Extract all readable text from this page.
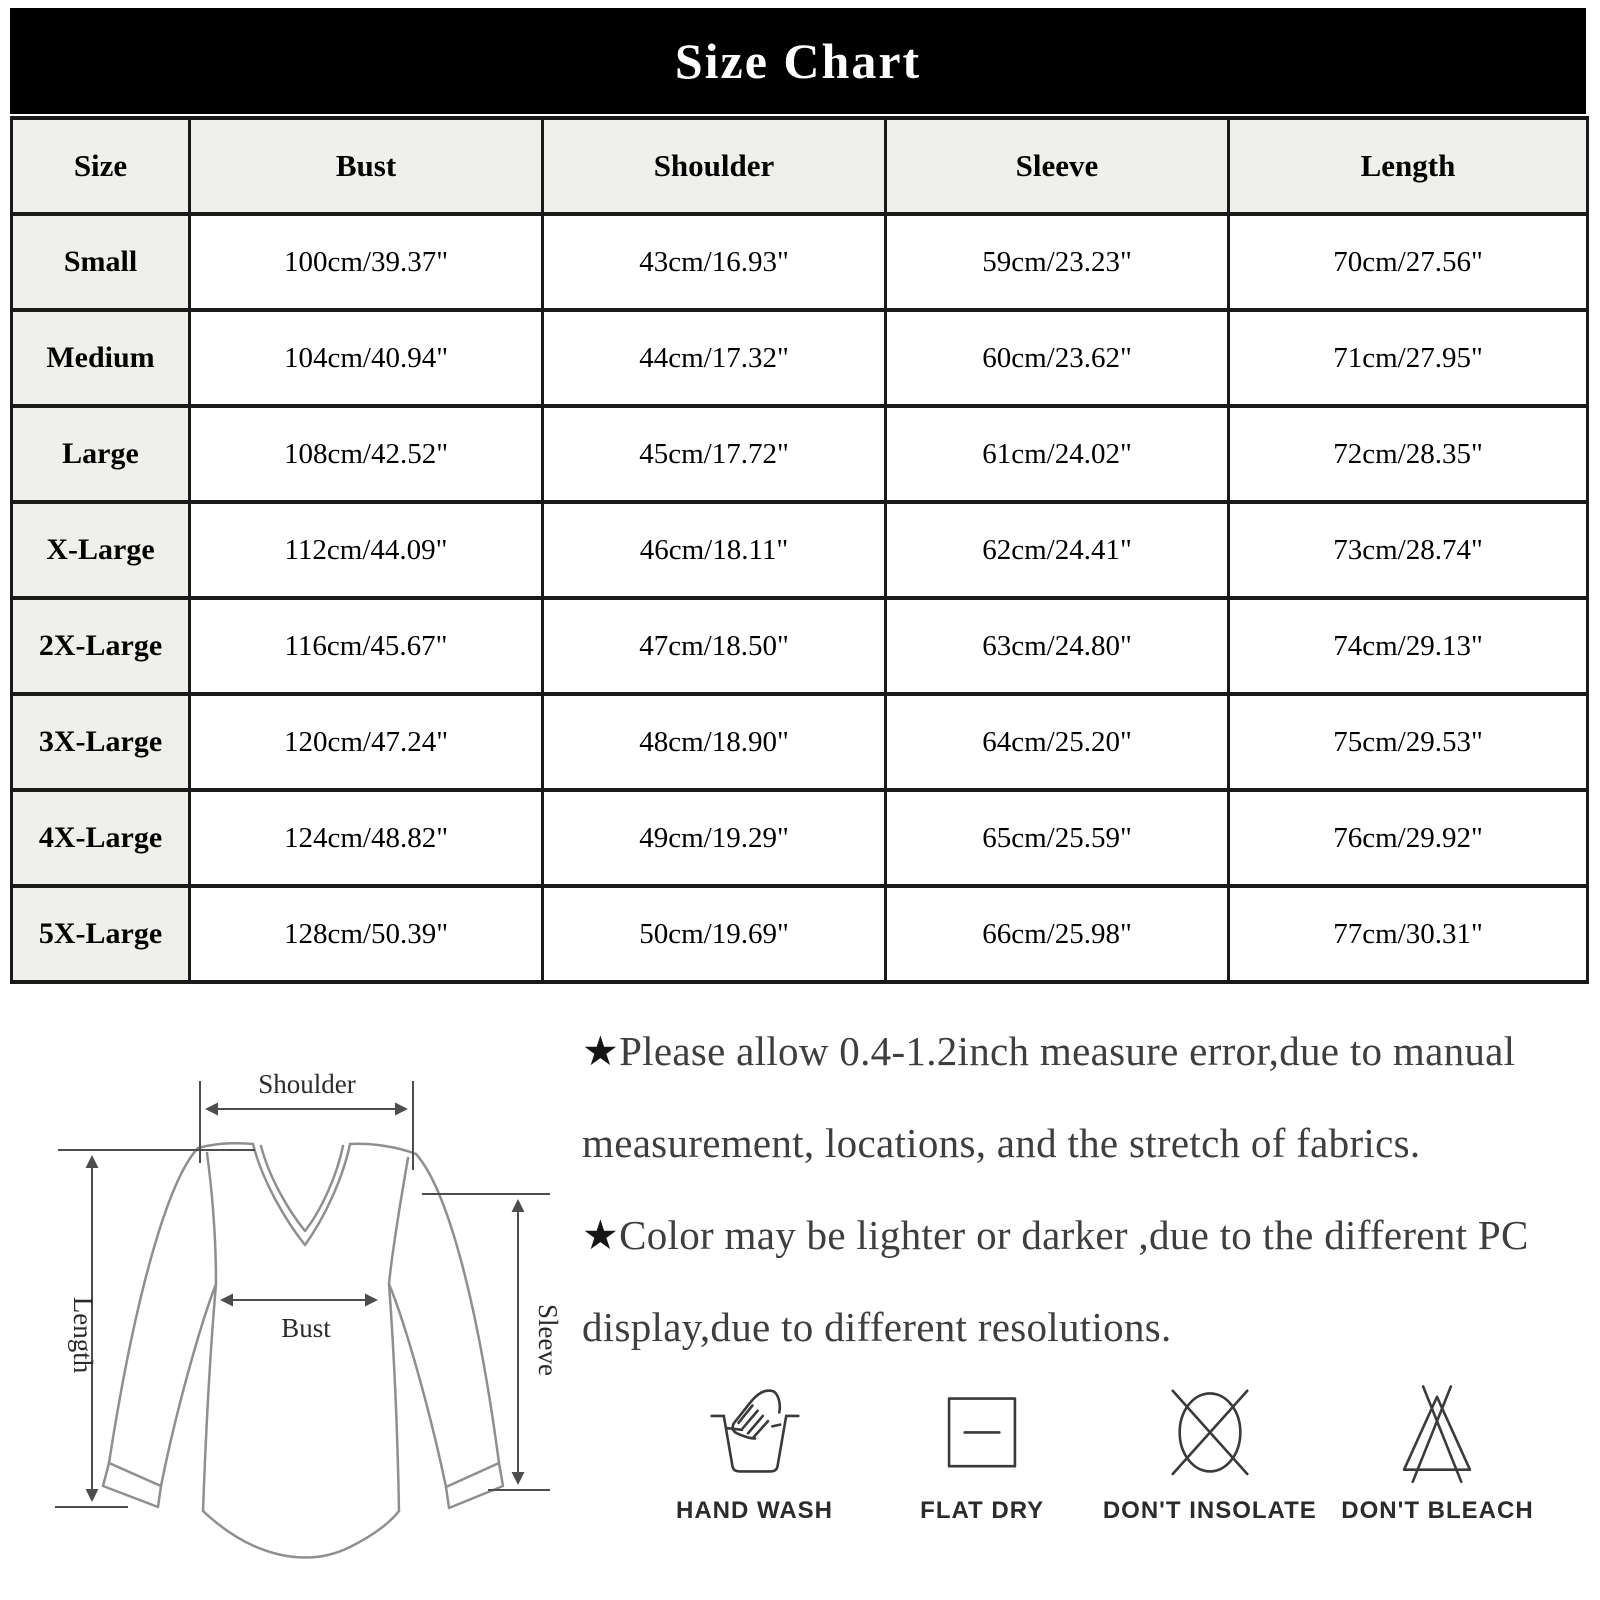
Size Chart
Size	Bust	Shoulder	Sleeve	Length
Small	100cm/39.37"	43cm/16.93"	59cm/23.23"	70cm/27.56"
Medium	104cm/40.94"	44cm/17.32"	60cm/23.62"	71cm/27.95"
Large	108cm/42.52"	45cm/17.72"	61cm/24.02"	72cm/28.35"
X-Large	112cm/44.09"	46cm/18.11"	62cm/24.41"	73cm/28.74"
2X-Large	116cm/45.67"	47cm/18.50"	63cm/24.80"	74cm/29.13"
3X-Large	120cm/47.24"	48cm/18.90"	64cm/25.20"	75cm/29.53"
4X-Large	124cm/48.82"	49cm/19.29"	65cm/25.59"	76cm/29.92"
5X-Large	128cm/50.39"	50cm/19.69"	66cm/25.98"	77cm/30.31"
Shoulder
Bust
Length	Sleeve

★Please allow 0.4-1.2inch measure error,due to manual measurement, locations, and the stretch of fabrics.

★Color may be lighter or darker ,due to the different PC display,due to different resolutions.

HAND WASH	FLAT DRY DON'T INSOLATE DON'T BLEACH
